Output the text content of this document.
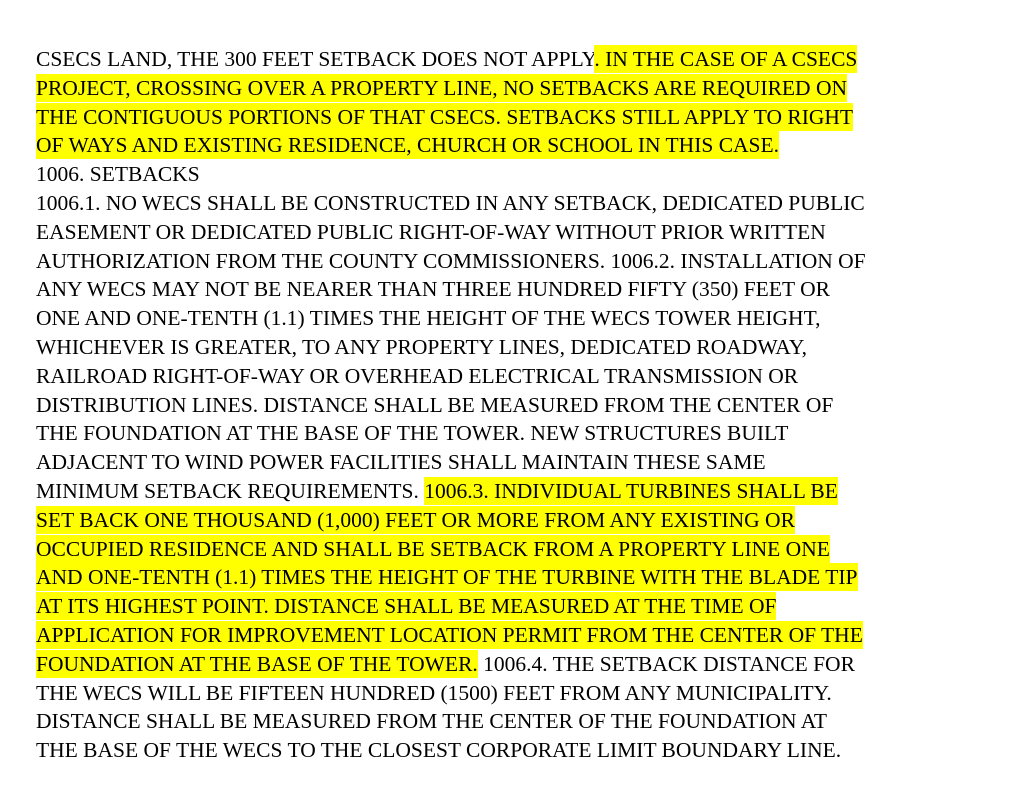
CSECS LAND, THE 300 FEET SETBACK DOES NOT APPLY. IN THE CASE OF A CSECS
PROJECT, CROSSING OVER A PROPERTY LINE, NO SETBACKS ARE REQUIRED ON
THE CONTIGUOUS PORTIONS OF THAT CSECS. SETBACKS STILL APPLY TO RIGHT
OF WAYS AND EXISTING RESIDENCE, CHURCH OR SCHOOL IN THIS CASE.
1006. SETBACKS
1006.1. NO WECS SHALL BE CONSTRUCTED IN ANY SETBACK, DEDICATED PUBLIC
EASEMENT OR DEDICATED PUBLIC RIGHT-OF-WAY WITHOUT PRIOR WRITTEN
AUTHORIZATION FROM THE COUNTY COMMISSIONERS. 1006.2. INSTALLATION OF
ANY WECS MAY NOT BE NEARER THAN THREE HUNDRED FIFTY (350) FEET OR
ONE AND ONE-TENTH (1.1) TIMES THE HEIGHT OF THE WECS TOWER HEIGHT,
WHICHEVER IS GREATER, TO ANY PROPERTY LINES, DEDICATED ROADWAY,
RAILROAD RIGHT-OF-WAY OR OVERHEAD ELECTRICAL TRANSMISSION OR
DISTRIBUTION LINES. DISTANCE SHALL BE MEASURED FROM THE CENTER OF
THE FOUNDATION AT THE BASE OF THE TOWER. NEW STRUCTURES BUILT
ADJACENT TO WIND POWER FACILITIES SHALL MAINTAIN THESE SAME
MINIMUM SETBACK REQUIREMENTS. 1006.3. INDIVIDUAL TURBINES SHALL BE
SET BACK ONE THOUSAND (1,000) FEET OR MORE FROM ANY EXISTING OR
OCCUPIED RESIDENCE AND SHALL BE SETBACK FROM A PROPERTY LINE ONE
AND ONE-TENTH (1.1) TIMES THE HEIGHT OF THE TURBINE WITH THE BLADE TIP
AT ITS HIGHEST POINT. DISTANCE SHALL BE MEASURED AT THE TIME OF
APPLICATION FOR IMPROVEMENT LOCATION PERMIT FROM THE CENTER OF THE
FOUNDATION AT THE BASE OF THE TOWER. 1006.4. THE SETBACK DISTANCE FOR
THE WECS WILL BE FIFTEEN HUNDRED (1500) FEET FROM ANY MUNICIPALITY.
DISTANCE SHALL BE MEASURED FROM THE CENTER OF THE FOUNDATION AT
THE BASE OF THE WECS TO THE CLOSEST CORPORATE LIMIT BOUNDARY LINE.
